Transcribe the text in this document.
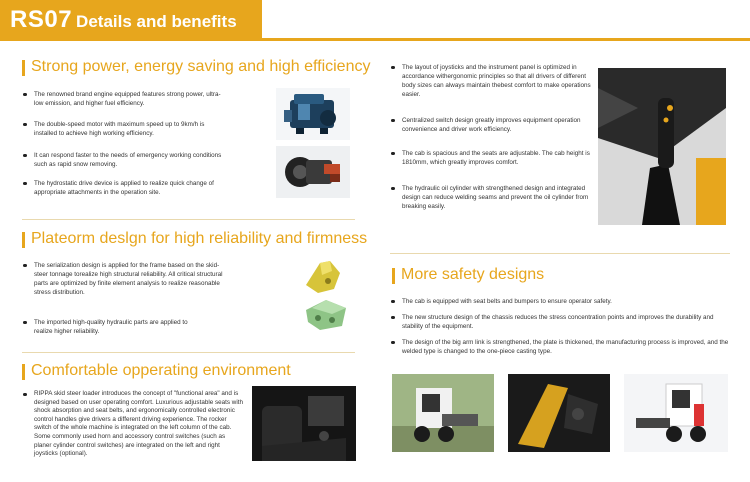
RS07 Details and benefits
Strong power, energy saving and high efficiency
The renowned brand engine equipped features strong power, ultra-low emission, and higher fuel efficiency.
The double-speed motor with maximum speed up to 9km/h is installed to achieve high working efficiency.
It can respond faster to the needs of emergency working conditions such as rapid snow removing.
The hydrostatic drive device is applied to realize quick change of appropriate attachments in the operation site.
Plateorm deslgn for high reliability and firmness
The serialization design is applied for the frame based on the skid-steer tonnage torealize high structural reliability. All critical structural parts are optimized by finite element analysis to realize reasonable stress distribution.
The imported high-quality hydraulic parts are applied to realize higher reliability.
Comfortable opperating environment
RIPPA skid steer loader introduces the concept of "functional area" and is designed based on user operating comfort. Luxurious adjustable seats with shock absorption and seat belts, and ergonomically controlled electronic control handles give drivers a different driving experience. The rocker switch of the whole machine is integrated on the left column of the cab. Some commonly used horn and accessory control switches (such as planer cylinder control switches) are integrated on the left and right joysticks (optional).
The layout of joysticks and the instrument panel is optimized in accordance withergonomic principles so that all drivers of different body sizes can always maintain thebest comfort to make operations easier.
Centralized switch design greatly improves equipment operation convenience and driver work efficiency.
The cab is spacious and the seats are adjustable. The cab height is 1810mm, which greatly improves comfort.
The hydraulic oil cylinder with strengthened design and integrated design can reduce welding seams and prevent the oil cylinder from breaking easily.
More safety designs
The cab is equipped with seat belts and bumpers to ensure operator safety.
The new structure design of the chassis reduces the stress concentration points and improves the durability and stability of the equipment.
The design of the big arm link is strengthened, the plate is thickened, the manufacturing process is improved, and the welded type is changed to the one-piece casting type.
